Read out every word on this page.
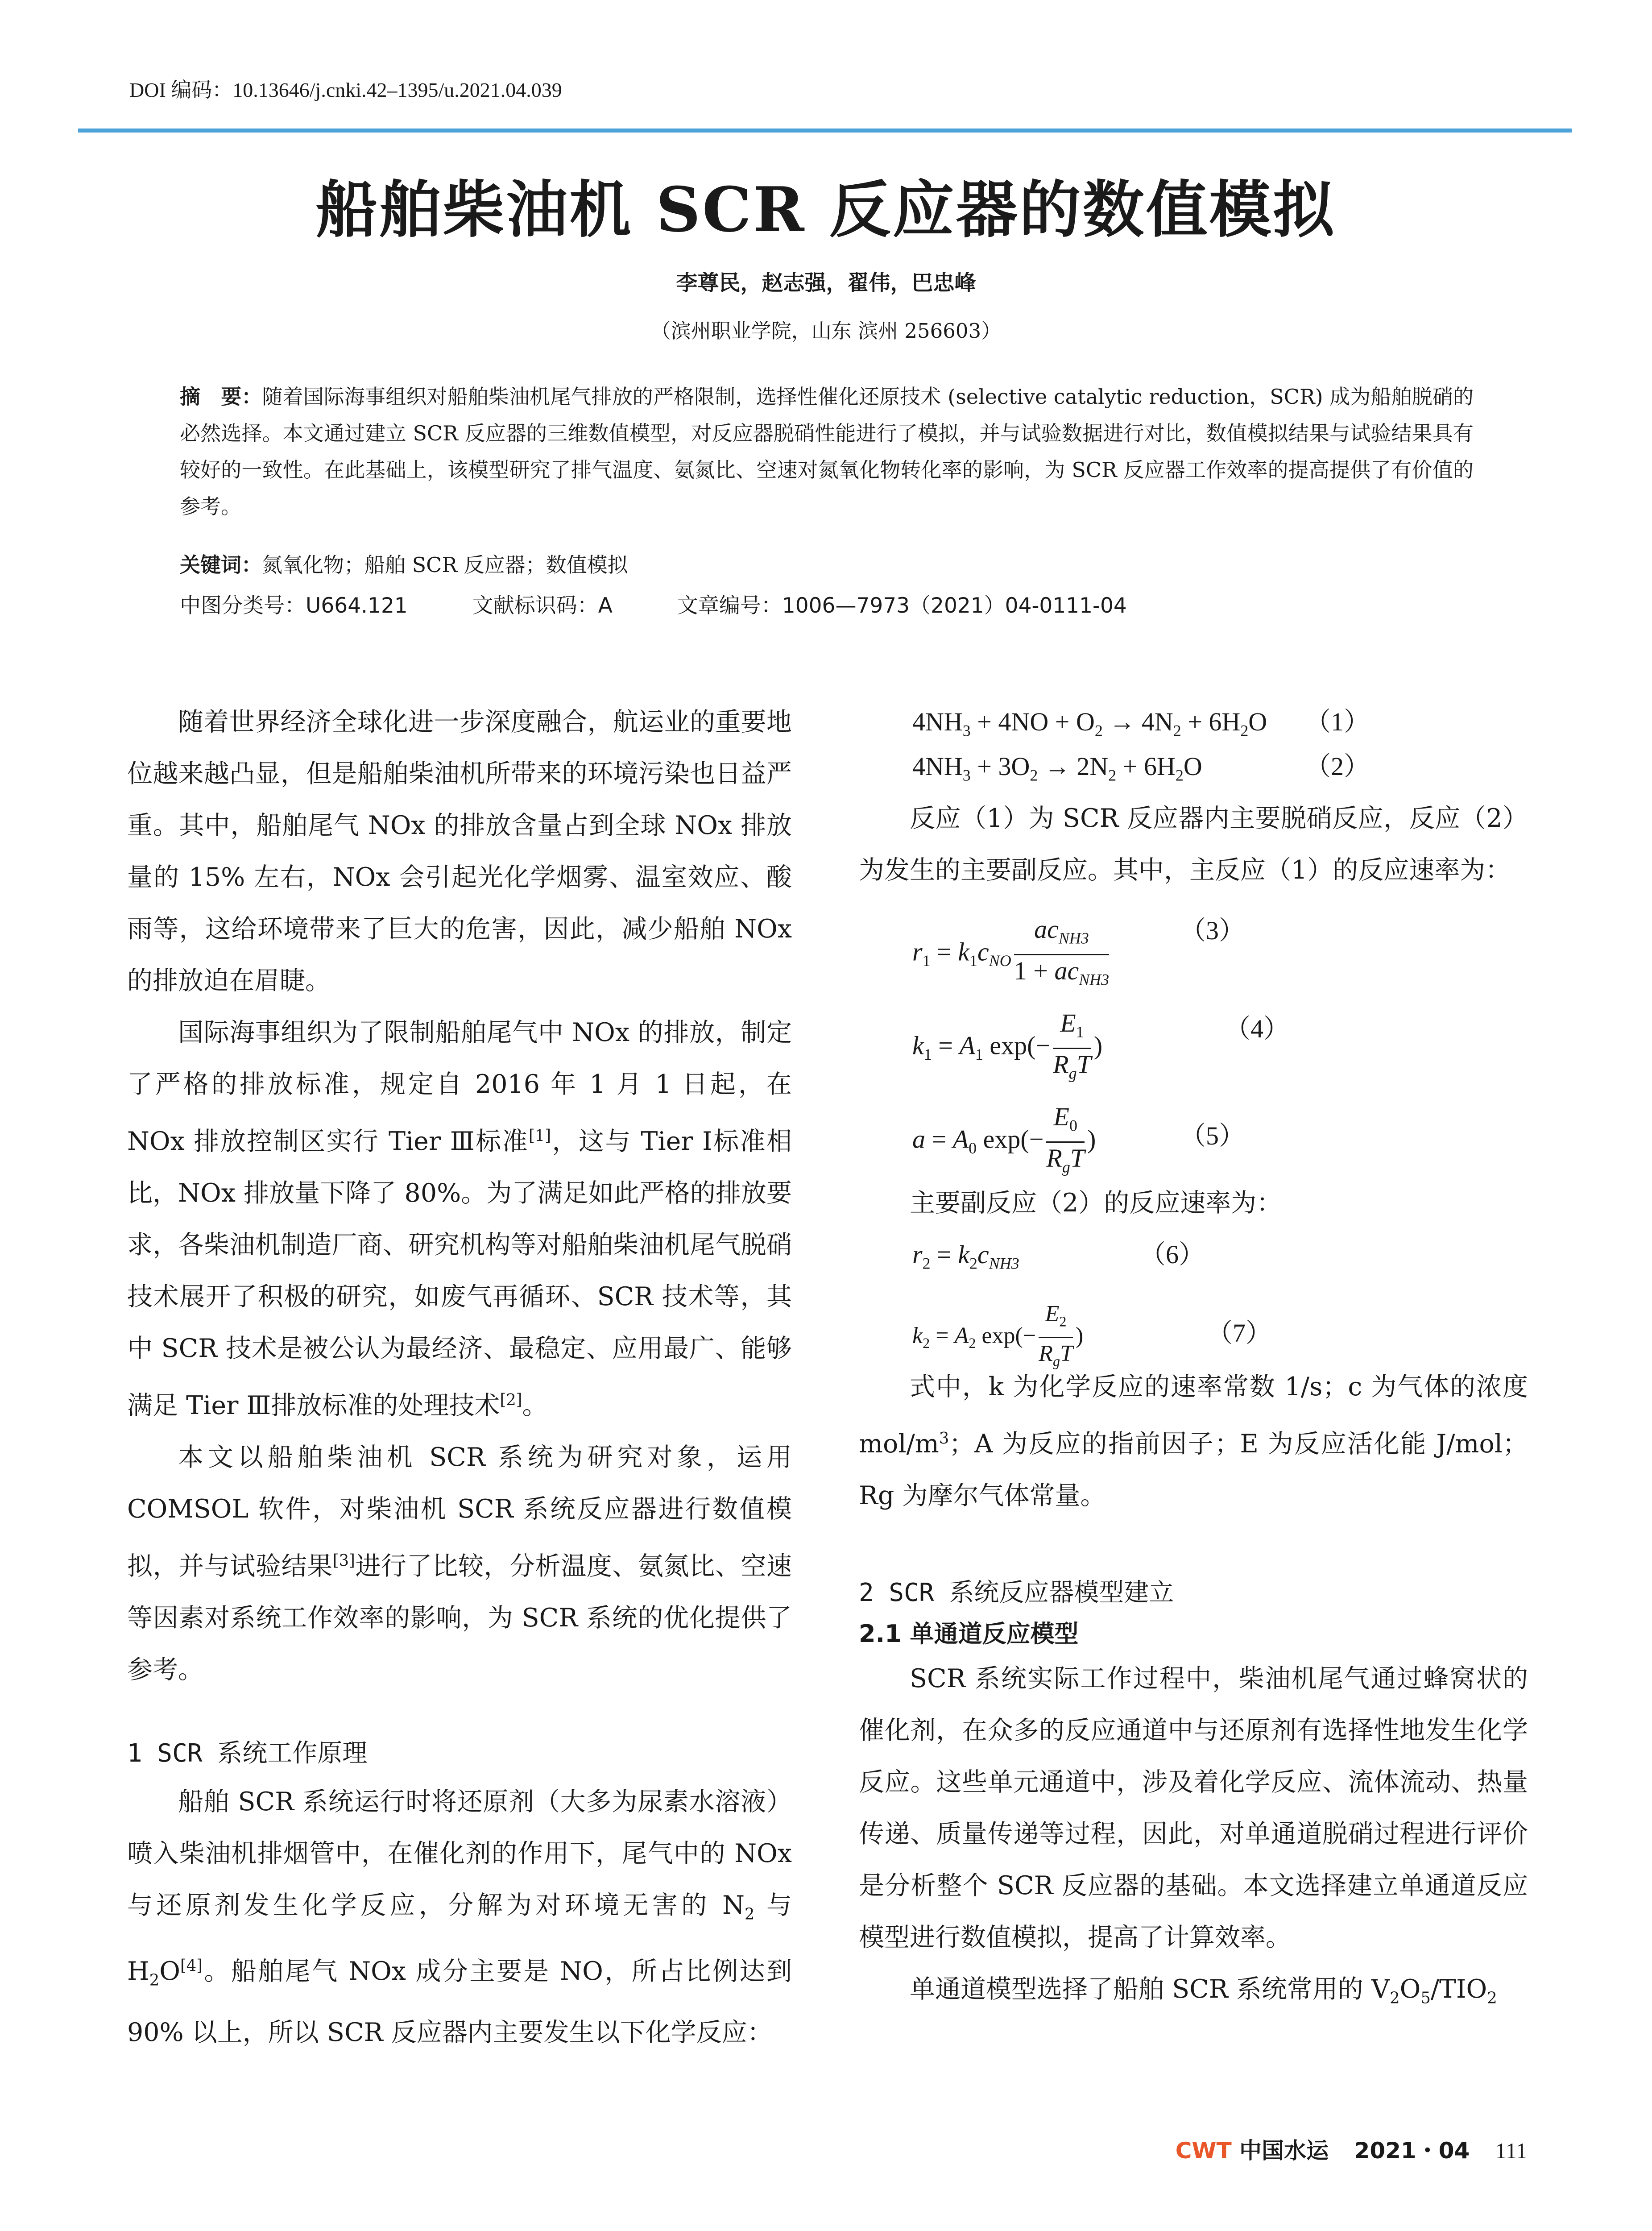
DOI 编码：10.13646/j.cnki.42–1395/u.2021.04.039
船舶柴油机 SCR 反应器的数值模拟
李尊民，赵志强，翟伟，巴忠峰
（滨州职业学院，山东 滨州 256603）
摘　要：随着国际海事组织对船舶柴油机尾气排放的严格限制，选择性催化还原技术 (selective catalytic reduction，SCR) 成为船舶脱硝的必然选择。本文通过建立 SCR 反应器的三维数值模型，对反应器脱硝性能进行了模拟，并与试验数据进行对比，数值模拟结果与试验结果具有较好的一致性。在此基础上，该模型研究了排气温度、氨氮比、空速对氮氧化物转化率的影响，为 SCR 反应器工作效率的提高提供了有价值的参考。
关键词：氮氧化物；船舶 SCR 反应器；数值模拟
中图分类号：U664.121	文献标识码：A	文章编号：1006—7973（2021）04-0111-04

随着世界经济全球化进一步深度融合，航运业的重要地位越来越凸显，但是船舶柴油机所带来的环境污染也日益严重。其中，船舶尾气 NOx 的排放含量占到全球 NOx 排放量的 15% 左右，NOx 会引起光化学烟雾、温室效应、酸雨等，这给环境带来了巨大的危害，因此，减少船舶 NOx 的排放迫在眉睫。

国际海事组织为了限制船舶尾气中 NOx 的排放，制定了严格的排放标准，规定自 2016 年 1 月 1 日起，在 NOx 排放控制区实行 Tier Ⅲ标准[1]，这与 Tier Ⅰ标准相比，NOx 排放量下降了 80%。为了满足如此严格的排放要求，各柴油机制造厂商、研究机构等对船舶柴油机尾气脱硝技术展开了积极的研究，如废气再循环、SCR 技术等，其中 SCR 技术是被公认为最经济、最稳定、应用最广、能够满足 Tier Ⅲ排放标准的处理技术[2]。

本文以船舶柴油机 SCR 系统为研究对象，运用 COMSOL 软件，对柴油机 SCR 系统反应器进行数值模拟，并与试验结果[3]进行了比较，分析温度、氨氮比、空速等因素对系统工作效率的影响，为 SCR 系统的优化提供了参考。

1 SCR 系统工作原理

船舶 SCR 系统运行时将还原剂（大多为尿素水溶液）喷入柴油机排烟管中，在催化剂的作用下，尾气中的 NOx 与还原剂发生化学反应，分解为对环境无害的 $N_2$ 与 $H_2O[4]$。船舶尾气 NOx 成分主要是 NO，所占比例达到 90% 以上，所以 SCR 反应器内主要发生以下化学反应：

$4NH_3 + 4NO + O_2 \to 4N_2 + 6H_2O$ （1）
$4NH_3 + 3O_2 \to 2N_2 + 6H_2O$	（2）

反应（1）为 SCR 反应器内主要脱硝反应，反应（2）为发生的主要副反应。其中，主反应（1）的反应速率为：

$r_1 = k_1c_{NO} \frac{ac_{NH3}}{1 + ac_{NH3}}$	（3）
$k_1 = A_1$ $\exp(- \frac{E_1}{R_gT}$ )
（4）
$a = A_0$ $\exp(- \frac{E_0}{R_gT}$ )	（5）

主要副反应（2）的反应速率为：

$r_2 = k_2c_{NH3}$	（6）
$k_2 = A_2$ $\exp(- \frac{E_2}{R_gT}$ )	（7）

式中，k 为化学反应的速率常数 1/s；c 为气体的浓度 mol/$m^3$；A 为反应的指前因子；E 为反应活化能 J/mol；Rg 为摩尔气体常量。

2 SCR 系统反应器模型建立
2.1 单通道反应模型

SCR 系统实际工作过程中，柴油机尾气通过蜂窝状的催化剂，在众多的反应通道中与还原剂有选择性地发生化学反应。这些单元通道中，涉及着化学反应、流体流动、热量传递、质量传递等过程，因此，对单通道脱硝过程进行评价是分析整个 SCR 反应器的基础。本文选择建立单通道反应模型进行数值模拟，提高了计算效率。

单通道模型选择了船舶 SCR 系统常用的 $V_2O_5/TIO_2$

CWT 中国水运 2021・04 111
